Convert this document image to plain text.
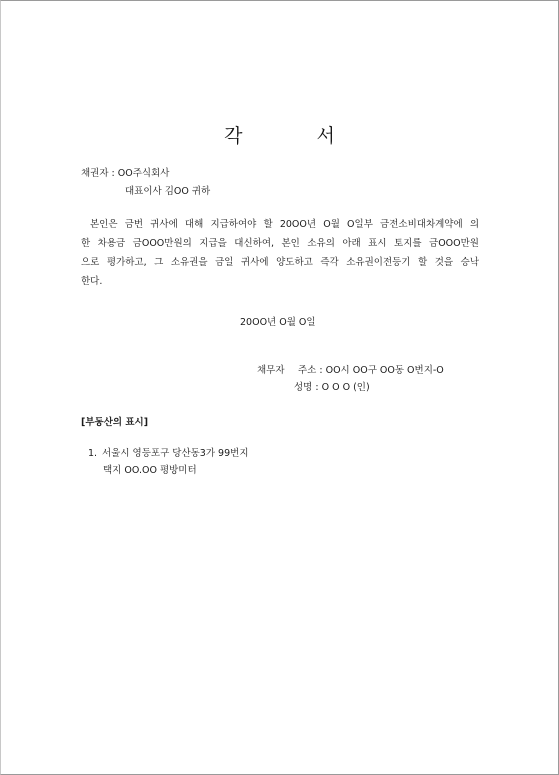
각 서
채권자 : OO주식회사
대표이사 김OO 귀하
본인은 금번 귀사에 대해 지급하여야 할 20OO년 O월 O일부 금전소비대차계약에 의
한 차용금 금OOO만원의 지급을 대신하여, 본인 소유의 아래 표시 토지를 금OOO만원
으로 평가하고, 그 소유권을 금일 귀사에 양도하고 즉각 소유권이전등기 할 것을 승낙
한다.
20OO년 O월 O일
채무자 주소 : OO시 OO구 OO동 O번지-O
성명 : O O O (인)
[부동산의 표시]
1. 서울시 영등포구 당산동3가 99번지
택지 OO.OO 평방미터
